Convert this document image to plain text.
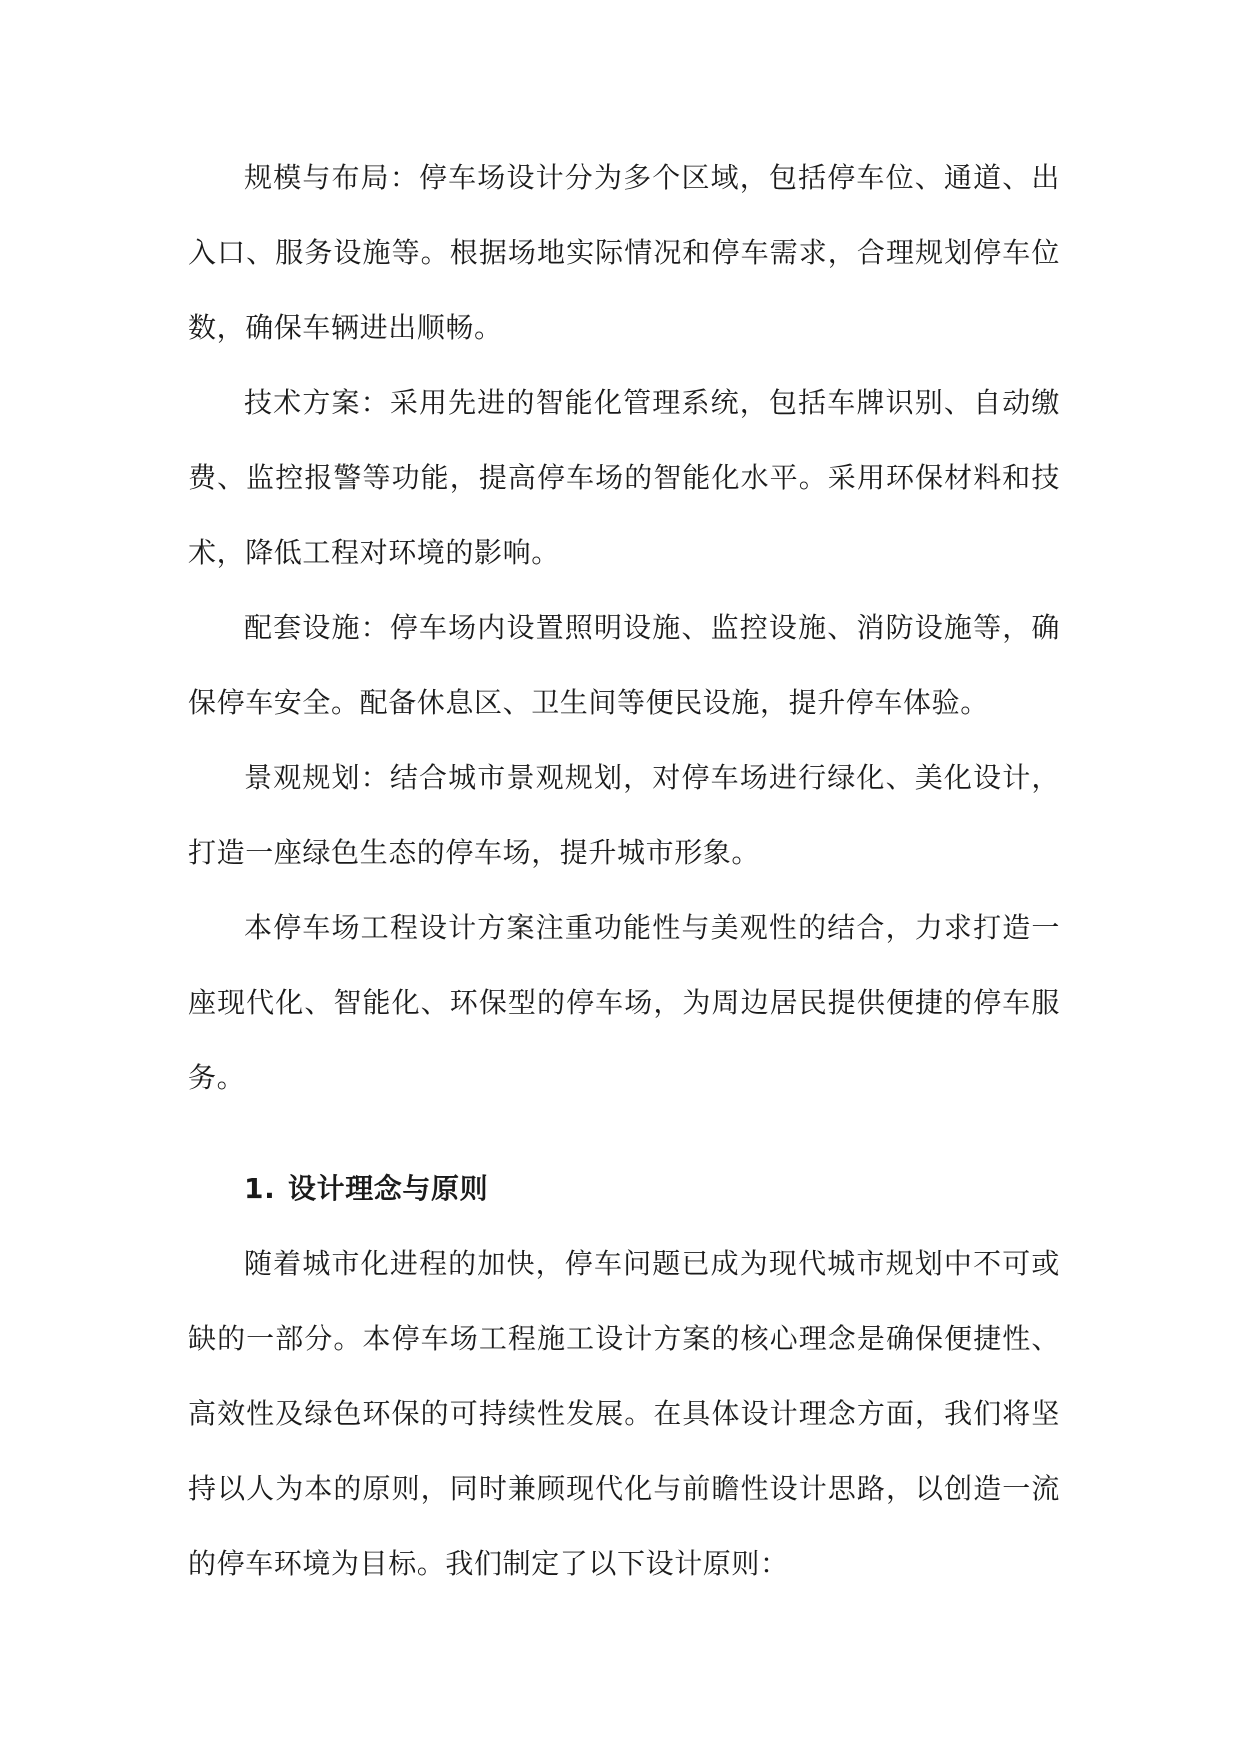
规模与布局：停车场设计分为多个区域，包括停车位、通道、出入口、服务设施等。根据场地实际情况和停车需求，合理规划停车位数，确保车辆进出顺畅。

技术方案：采用先进的智能化管理系统，包括车牌识别、自动缴费、监控报警等功能，提高停车场的智能化水平。采用环保材料和技术，降低工程对环境的影响。

配套设施：停车场内设置照明设施、监控设施、消防设施等，确保停车安全。配备休息区、卫生间等便民设施，提升停车体验。

景观规划：结合城市景观规划，对停车场进行绿化、美化设计，打造一座绿色生态的停车场，提升城市形象。

本停车场工程设计方案注重功能性与美观性的结合，力求打造一座现代化、智能化、环保型的停车场，为周边居民提供便捷的停车服务。

1. 设计理念与原则

随着城市化进程的加快，停车问题已成为现代城市规划中不可或缺的一部分。本停车场工程施工设计方案的核心理念是确保便捷性、高效性及绿色环保的可持续性发展。在具体设计理念方面，我们将坚持以人为本的原则，同时兼顾现代化与前瞻性设计思路，以创造一流的停车环境为目标。我们制定了以下设计原则：
